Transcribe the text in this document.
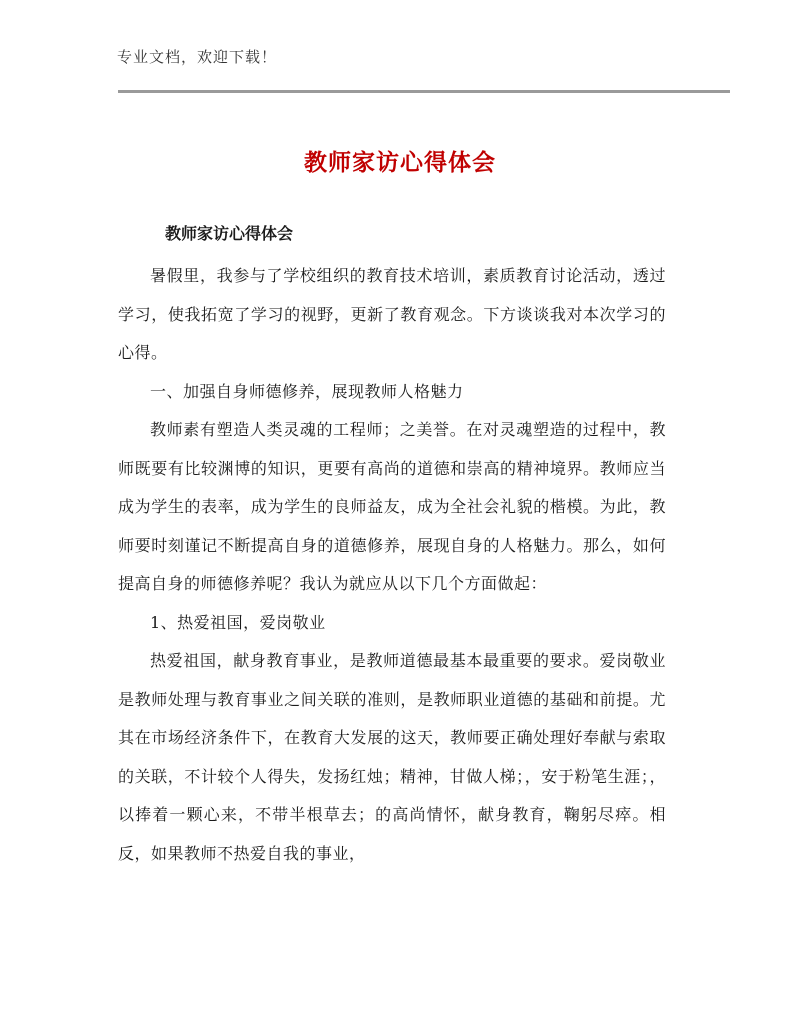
专业文档，欢迎下载！
教师家访心得体会
教师家访心得体会

暑假里，我参与了学校组织的教育技术培训，素质教育讨论活动，透过学习，使我拓宽了学习的视野，更新了教育观念。下方谈谈我对本次学习的心得。

一、加强自身师德修养，展现教师人格魅力

教师素有塑造人类灵魂的工程师；之美誉。在对灵魂塑造的过程中，教师既要有比较渊博的知识，更要有高尚的道德和崇高的精神境界。教师应当成为学生的表率，成为学生的良师益友，成为全社会礼貌的楷模。为此，教师要时刻谨记不断提高自身的道德修养，展现自身的人格魅力。那么，如何提高自身的师德修养呢？我认为就应从以下几个方面做起：

1、热爱祖国，爱岗敬业

热爱祖国，献身教育事业，是教师道德最基本最重要的要求。爱岗敬业是教师处理与教育事业之间关联的准则，是教师职业道德的基础和前提。尤其在市场经济条件下，在教育大发展的这天，教师要正确处理好奉献与索取的关联，不计较个人得失，发扬红烛；精神，甘做人梯；，安于粉笔生涯；，以捧着一颗心来，不带半根草去；的高尚情怀，献身教育，鞠躬尽瘁。相反，如果教师不热爱自我的事业，
